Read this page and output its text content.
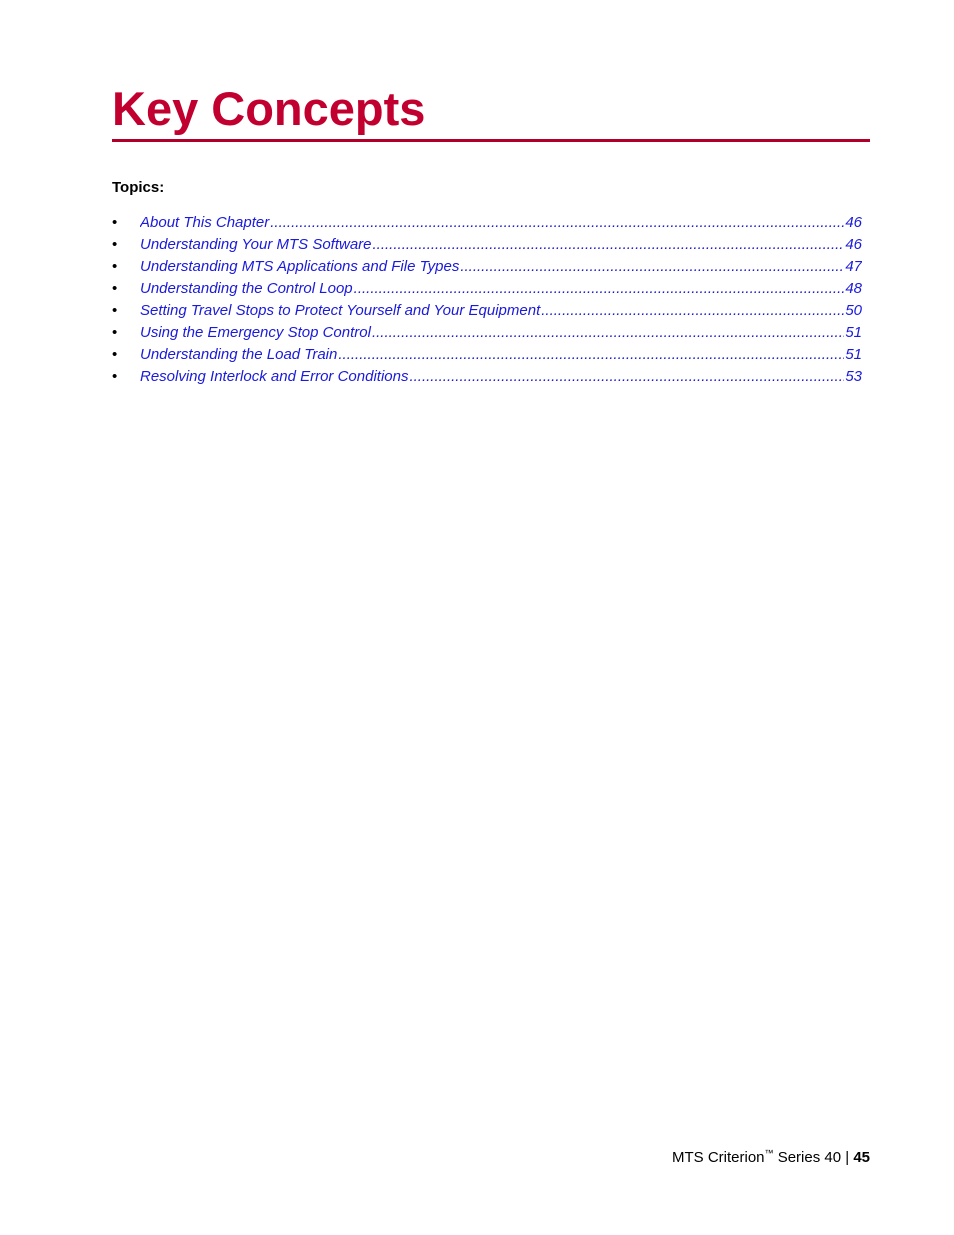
Key Concepts

Topics:

•	About This Chapter .....	46
•	Understanding Your MTS Software .....	46
•	Understanding MTS Applications and File Types .....	47
•	Understanding the Control Loop .....	48
•	Setting Travel Stops to Protect Yourself and Your Equipment .....	50
•	Using the Emergency Stop Control .....	51
•	Understanding the Load Train .....	51
•	Resolving Interlock and Error Conditions .....	53
MTS Criterion™ Series 40 | 45
